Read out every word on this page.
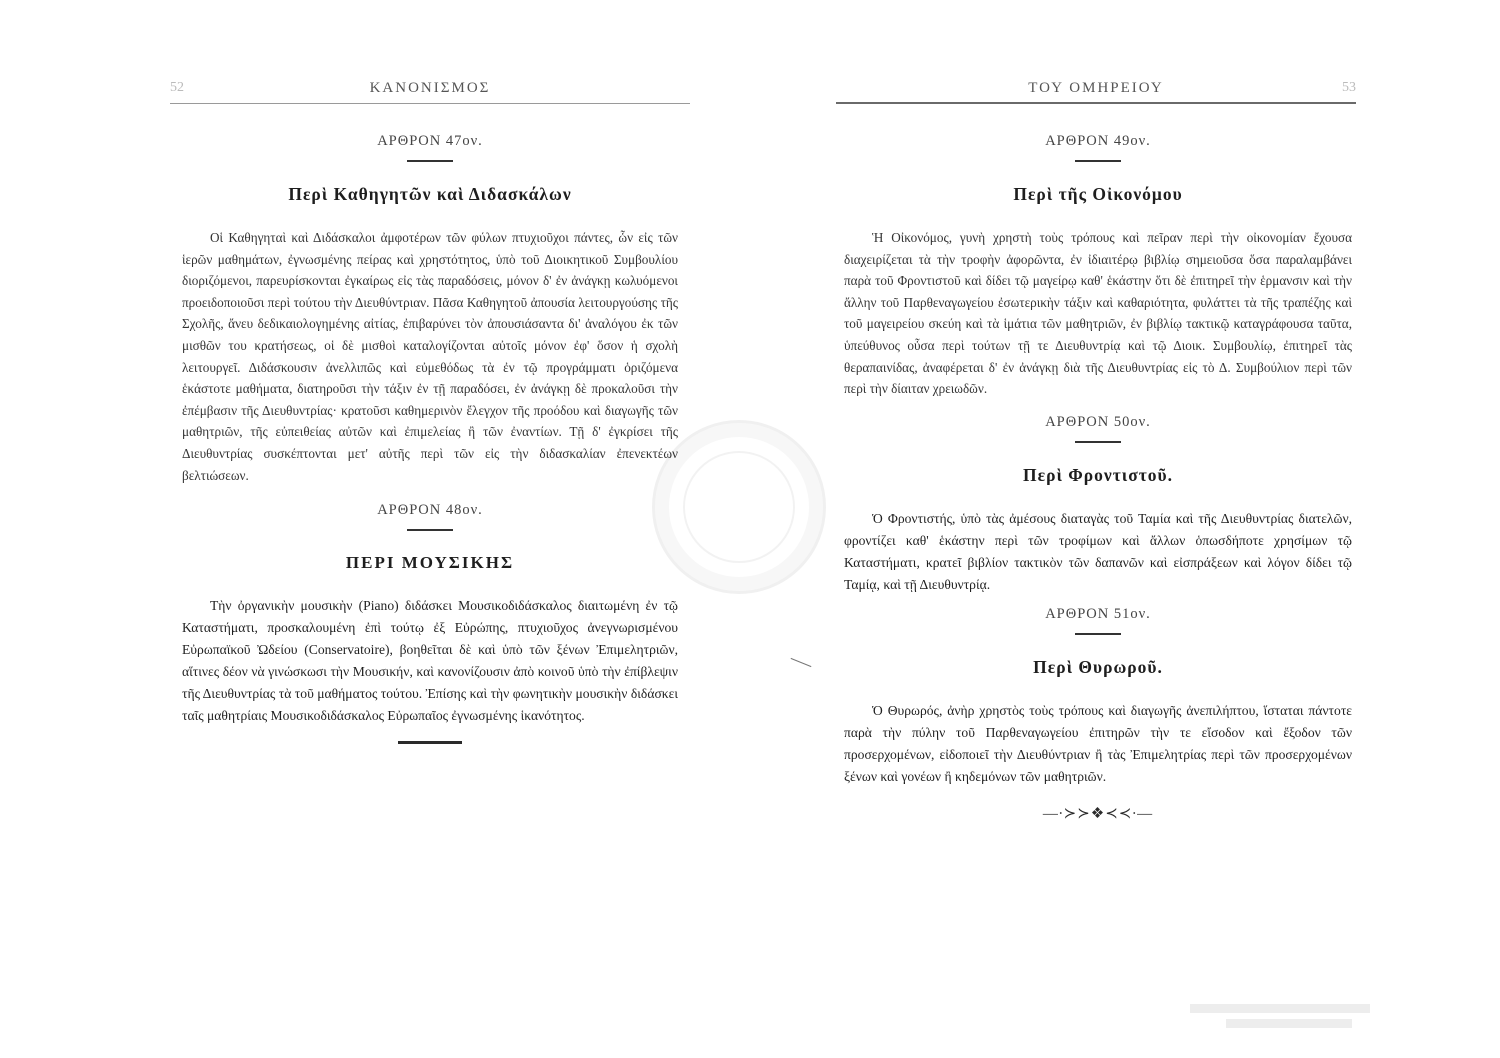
52	ΚΑΝΟΝΙΣΜΟΣ
ΑΡΘΡΟΝ 47ον.
Περὶ Καθηγητῶν καὶ Διδασκάλων

Οἱ Καθηγηταὶ καὶ Διδάσκαλοι ἀμφοτέρων τῶν φύλων πτυχιοῦχοι πάντες, ὧν εἰς τῶν ἱερῶν μαθημάτων, ἐγνωσμένης πείρας καὶ χρηστότητος, ὑπὸ τοῦ Διοικητικοῦ Συμβουλίου διοριζόμενοι, παρευρίσκονται ἐγκαίρως εἰς τὰς παραδόσεις, μόνον δ' ἐν ἀνάγκῃ κωλυόμενοι προειδοποιοῦσι περὶ τούτου τὴν Διευθύντριαν. Πᾶσα Καθηγητοῦ ἀπουσία λειτουργούσης τῆς Σχολῆς, ἄνευ δεδικαιολογημένης αἰτίας, ἐπιβαρύνει τὸν ἀπουσιάσαντα δι' ἀναλόγου ἐκ τῶν μισθῶν του κρατήσεως, οἱ δὲ μισθοὶ καταλογίζονται αὐτοῖς μόνον ἐφ' ὅσον ἡ σχολὴ λειτουργεῖ. Διδάσκουσιν ἀνελλιπῶς καὶ εὐμεθόδως τὰ ἐν τῷ προγράμματι ὁριζόμενα ἑκάστοτε μαθήματα, διατηροῦσι τὴν τάξιν ἐν τῇ παραδόσει, ἐν ἀνάγκῃ δὲ προκαλοῦσι τὴν ἐπέμβασιν τῆς Διευθυντρίας· κρατοῦσι καθημερινὸν ἔλεγχον τῆς προόδου καὶ διαγωγῆς τῶν μαθητριῶν, τῆς εὐπειθείας αὐτῶν καὶ ἐπιμελείας ἢ τῶν ἐναντίων. Τῇ δ' ἐγκρίσει τῆς Διευθυντρίας συσκέπτονται μετ' αὐτῆς περὶ τῶν εἰς τὴν διδασκαλίαν ἐπενεκτέων βελτιώσεων.

ΑΡΘΡΟΝ 48ον.
ΠΕΡΙ ΜΟΥΣΙΚΗΣ

Τὴν ὀργανικὴν μουσικὴν (Piano) διδάσκει Μουσικοδιδάσκαλος διαιτωμένη ἐν τῷ Καταστήματι, προσκαλουμένη ἐπὶ τούτῳ ἐξ Εὐρώπης, πτυχιοῦχος ἀνεγνωρισμένου Εὐρωπαϊκοῦ Ὠδείου (Conservatoire), βοηθεῖται δὲ καὶ ὑπὸ τῶν ξένων Ἐπιμελητριῶν, αἵτινες δέον νὰ γινώσκωσι τὴν Μουσικήν, καὶ κανονίζουσιν ἀπὸ κοινοῦ ὑπὸ τὴν ἐπίβλεψιν τῆς Διευθυντρίας τὰ τοῦ μαθήματος τούτου. Ἐπίσης καὶ τὴν φωνητικὴν μουσικὴν διδάσκει ταῖς μαθητρίαις Μουσικοδιδάσκαλος Εὐρωπαῖος ἐγνωσμένης ἱκανότητος.

ΤΟΥ ΟΜΗΡΕΙΟΥ	53
ΑΡΘΡΟΝ 49ον.
Περὶ τῆς Οἰκονόμου

Ἡ Οἰκονόμος, γυνὴ χρηστὴ τοὺς τρόπους καὶ πεῖραν περὶ τὴν οἰκονομίαν ἔχουσα διαχειρίζεται τὰ τὴν τροφὴν ἀφορῶντα, ἐν ἰδιαιτέρῳ βιβλίῳ σημειοῦσα ὅσα παραλαμβάνει παρὰ τοῦ Φροντιστοῦ καὶ δίδει τῷ μαγείρῳ καθ' ἑκάστην ὅτι δὲ ἐπιτηρεῖ τὴν ἑρμανσιν καὶ τὴν ἄλλην τοῦ Παρθεναγωγείου ἐσωτερικὴν τάξιν καὶ καθαριότητα, φυλάττει τὰ τῆς τραπέζης καὶ τοῦ μαγειρείου σκεύη καὶ τὰ ἱμάτια τῶν μαθητριῶν, ἐν βιβλίῳ τακτικῷ καταγράφουσα ταῦτα, ὑπεύθυνος οὖσα περὶ τούτων τῇ τε Διευθυντρίᾳ καὶ τῷ Διοικ. Συμβουλίῳ, ἐπιτηρεῖ τὰς θεραπαινίδας, ἀναφέρεται δ' ἐν ἀνάγκῃ διὰ τῆς Διευθυντρίας εἰς τὸ Δ. Συμβούλιον περὶ τῶν περὶ τὴν δίαιταν χρειωδῶν.

ΑΡΘΡΟΝ 50ον.
Περὶ Φροντιστοῦ.

Ὁ Φροντιστής, ὑπὸ τὰς ἀμέσους διαταγὰς τοῦ Ταμία καὶ τῆς Διευθυντρίας διατελῶν, φροντίζει καθ' ἑκάστην περὶ τῶν τροφίμων καὶ ἄλλων ὁπωσδήποτε χρησίμων τῷ Καταστήματι, κρατεῖ βιβλίον τακτικὸν τῶν δαπανῶν καὶ εἰσπράξεων καὶ λόγον δίδει τῷ Ταμίᾳ, καὶ τῇ Διευθυντρίᾳ.

ΑΡΘΡΟΝ 51ον.
Περὶ Θυρωροῦ.

Ὁ Θυρωρός, ἀνὴρ χρηστὸς τοὺς τρόπους καὶ διαγωγῆς ἀνεπιλήπτου, ἵσταται πάντοτε παρὰ τὴν πύλην τοῦ Παρθεναγωγείου ἐπιτηρῶν τὴν τε εἴσοδον καὶ ἔξοδον τῶν προσερχομένων, εἰδοποιεῖ τὴν Διευθύντριαν ἢ τὰς Ἐπιμελητρίας περὶ τῶν προσερχομένων ξένων καὶ γονέων ἢ κηδεμόνων τῶν μαθητριῶν.

—∙≻≻❖≺≺∙—
